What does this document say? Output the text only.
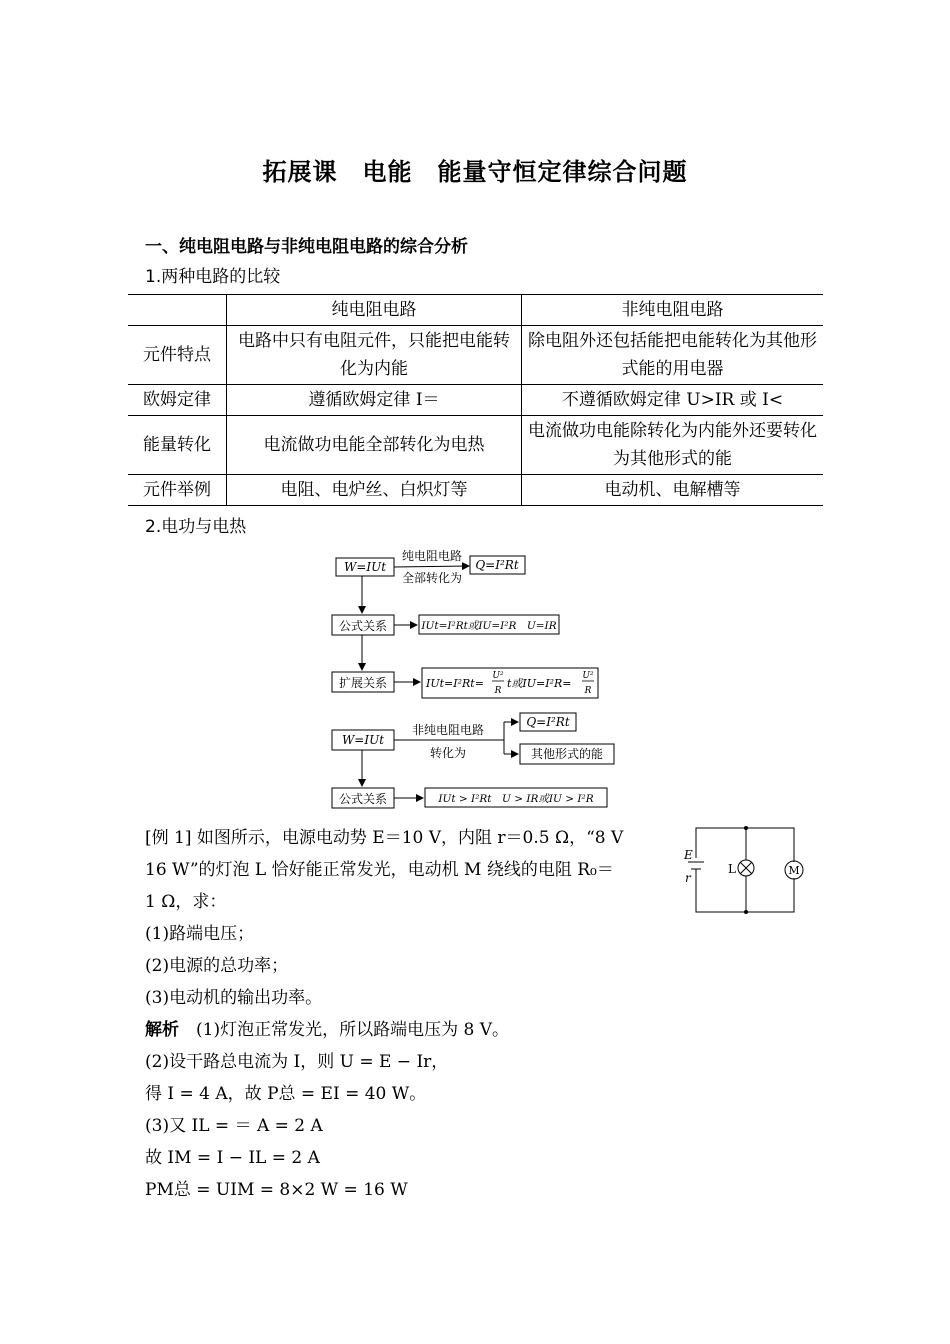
拓展课　电能　能量守恒定律综合问题
一、纯电阻电路与非纯电阻电路的综合分析
1.两种电路的比较
	纯电阻电路	非纯电阻电路
元件特点	电路中只有电阻元件，只能把电能转化为内能	除电阻外还包括能把电能转化为其他形式能的用电器
欧姆定律	遵循欧姆定律 I＝	不遵循欧姆定律 U>IR 或 I<
能量转化	电流做功电能全部转化为电热	电流做功电能除转化为内能外还要转化为其他形式的能
元件举例	电阻、电炉丝、白炽灯等	电动机、电解槽等
2.电功与电热
W=IUt
纯电阻电路
全部转化为
Q=I²Rt
公式关系	IUt=I²Rt或IU=I²R　U=IR
扩展关系	IUt=I²Rt=
U²
R
t或IU=I²R=
U²
R
W=IUt
非纯电阻电路
转化为
Q=I²Rt
其他形式的能
公式关系	IUt > I²Rt　U > IR或IU > I²R
E
r
L	M
[例 1] 如图所示，电源电动势 E＝10 V，内阻 r＝0.5 Ω，“8 V
16 W”的灯泡 L 恰好能正常发光，电动机 M 绕线的电阻 R₀＝
1 Ω，求：
(1)路端电压；
(2)电源的总功率；
(3)电动机的输出功率。
解析　(1)灯泡正常发光，所以路端电压为 8 V。
(2)设干路总电流为 I，则 U = E − Ir，
得 I = 4 A，故 P总 = EI = 40 W。
(3)又 IL = ＝ A = 2 A
故 IM = I − IL = 2 A
PM总 = UIM = 8×2 W = 16 W
